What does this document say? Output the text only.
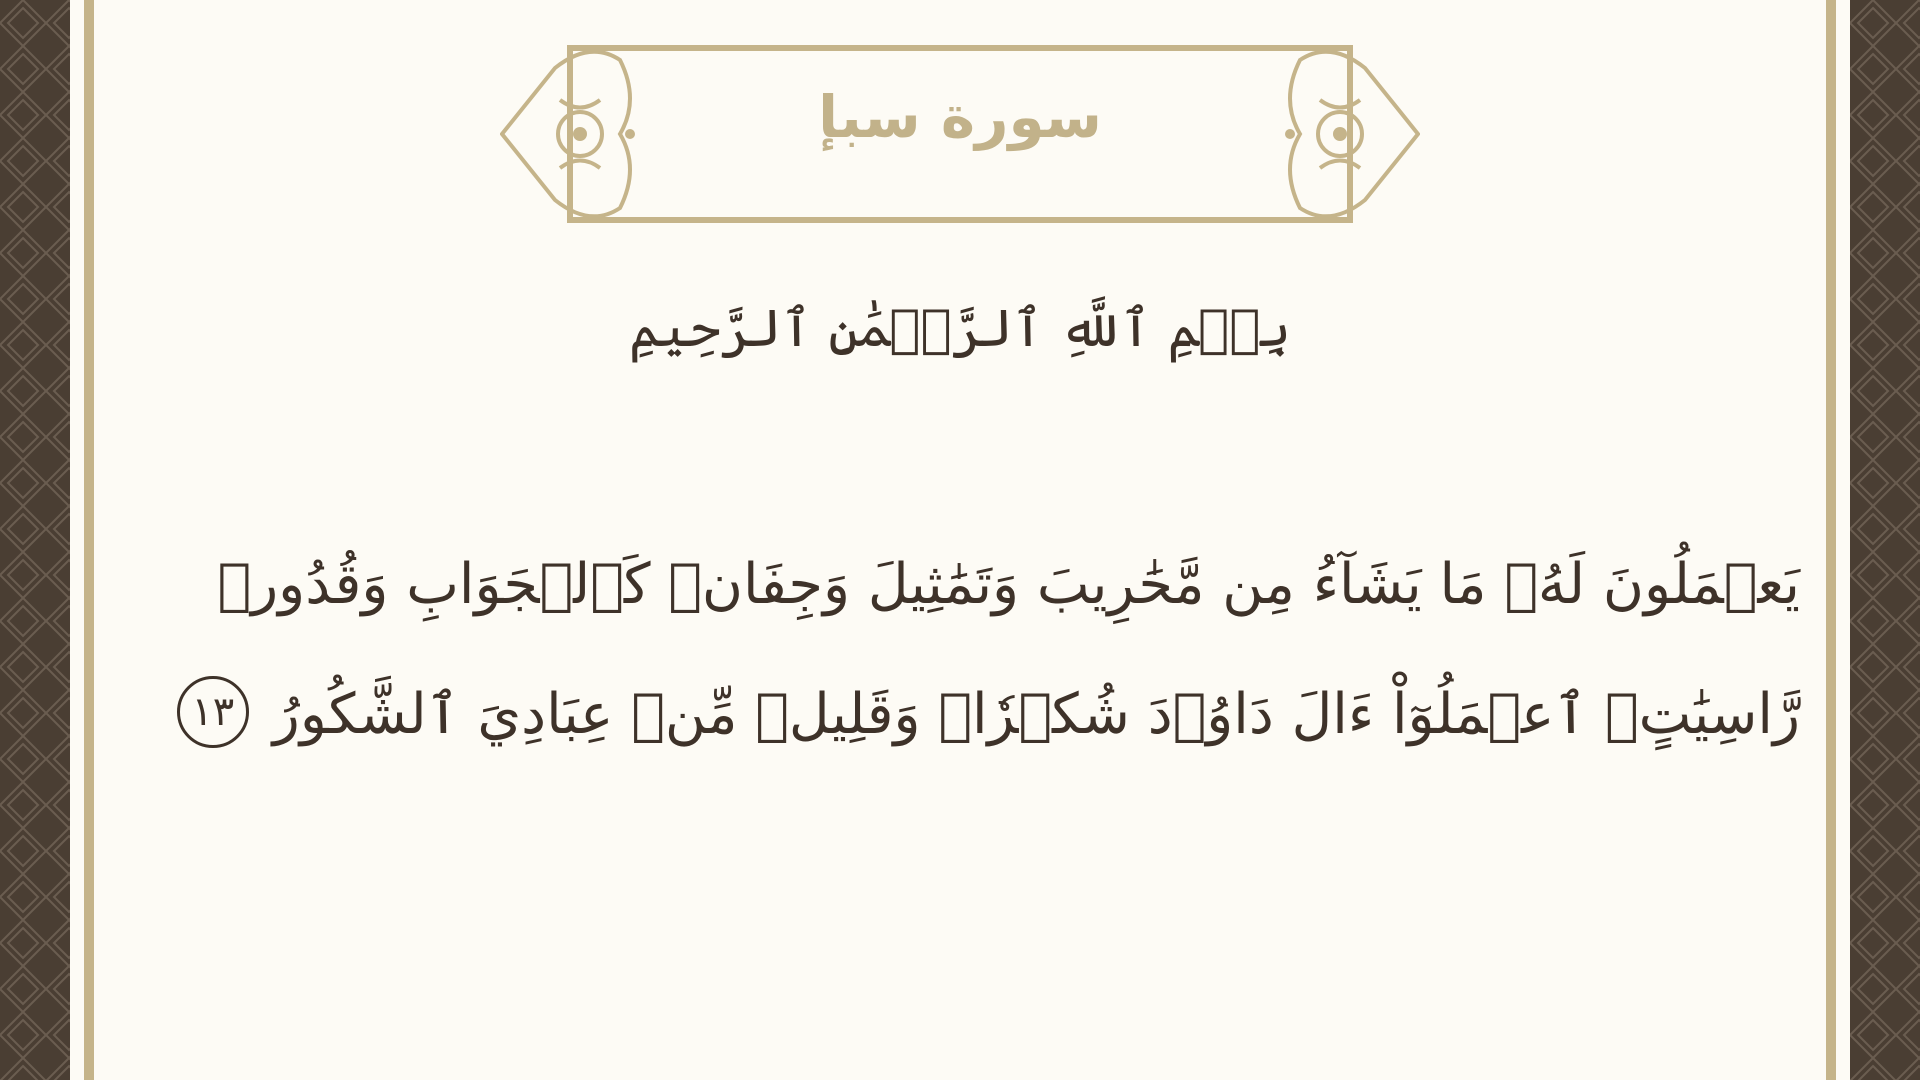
سورة سبإ
بِسۡمِ ٱللَّهِ ٱلرَّحۡمَٰنِ ٱلرَّحِيمِ
يَعۡمَلُونَ لَهُۥ مَا يَشَآءُ مِن مَّحَٰرِيبَ وَتَمَٰثِيلَ وَجِفَانٖ كَٱلۡجَوَابِ وَقُدُورٖ
رَّاسِيَٰتٍۚ ٱعۡمَلُوٓاْ ءَالَ دَاوُۥدَ شُكۡرٗاۚ وَقَلِيلٞ مِّنۡ عِبَادِيَ ٱلشَّكُورُ١٣
